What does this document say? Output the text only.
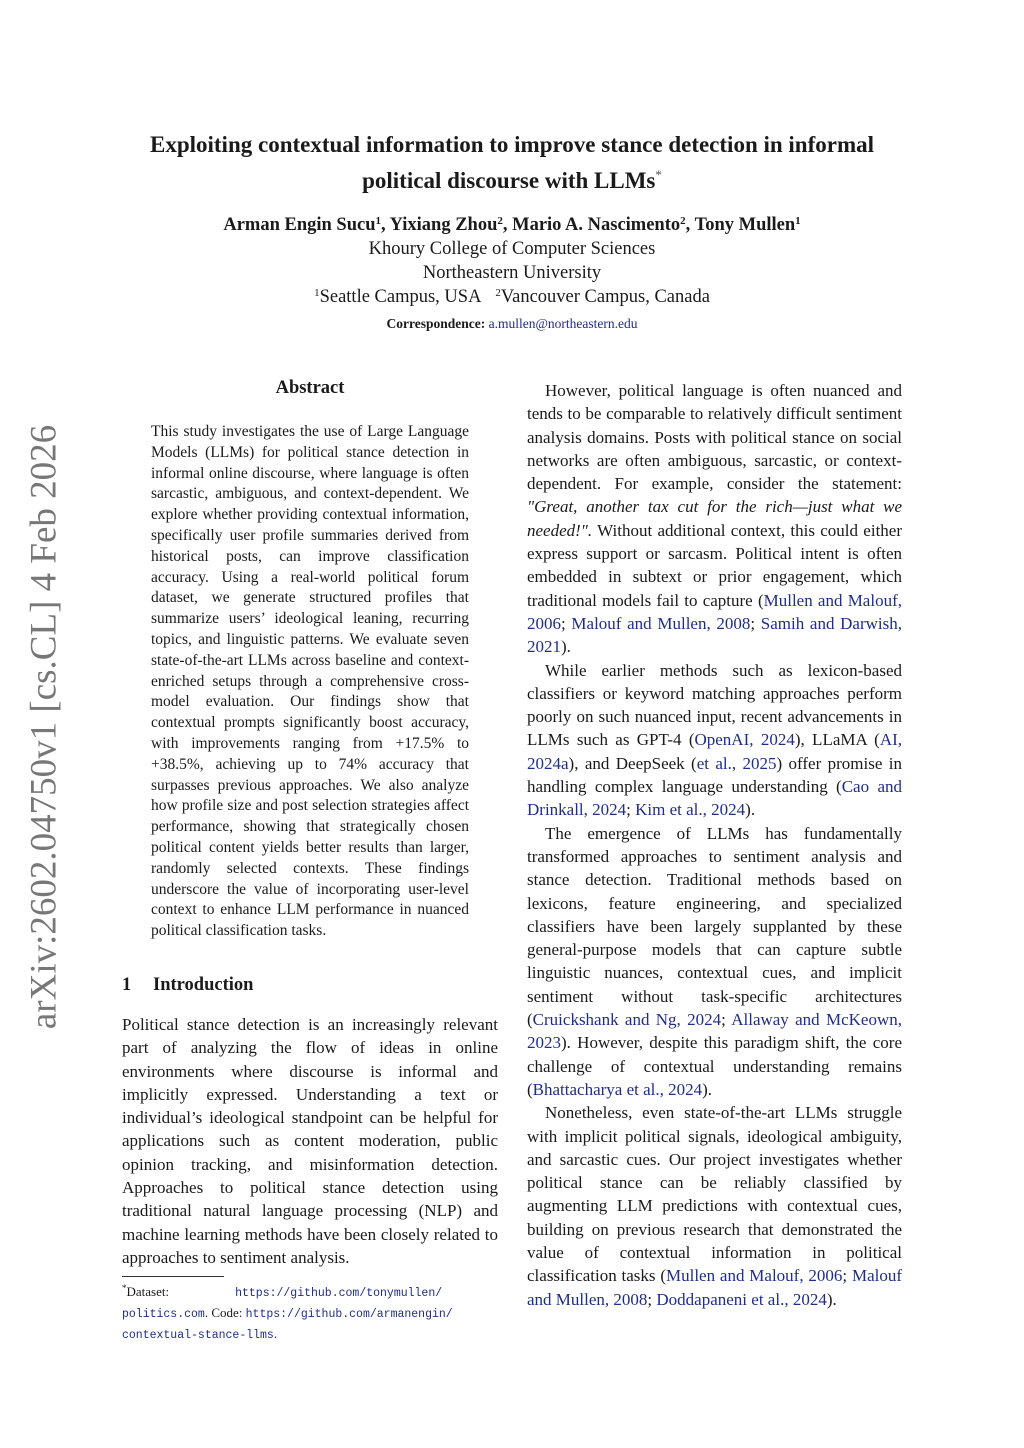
arXiv:2602.04750v1 [cs.CL] 4 Feb 2026
Exploiting contextual information to improve stance detection in informal
political discourse with LLMs*
Arman Engin Sucu$^1$, Yixiang Zhou$^2$, Mario A. Nascimento$^2$, Tony Mullen$^1$
Khoury College of Computer Sciences
Northeastern University
$^1$Seattle Campus, USA $^2$Vancouver Campus, Canada
Correspondence: a.mullen@northeastern.edu
Abstract

This study investigates the use of Large Language Models (LLMs) for political stance detection in informal online discourse, where language is often sarcastic, ambiguous, and context-dependent. We explore whether providing contextual information, specifically user profile summaries derived from historical posts, can improve classification accuracy. Using a real-world political forum dataset, we generate structured profiles that summarize users’ ideological leaning, recurring topics, and linguistic patterns. We evaluate seven state-of-the-art LLMs across baseline and context-enriched setups through a comprehensive cross-model evaluation. Our findings show that contextual prompts significantly boost accuracy, with improvements ranging from +17.5% to +38.5%, achieving up to 74% accuracy that surpasses previous approaches. We also analyze how profile size and post selection strategies affect performance, showing that strategically chosen political content yields better results than larger, randomly selected contexts. These findings underscore the value of incorporating user-level context to enhance LLM performance in nuanced political classification tasks.

1 Introduction

Political stance detection is an increasingly relevant part of analyzing the flow of ideas in online environments where discourse is informal and implicitly expressed. Understanding a text or individual’s ideological standpoint can be helpful for applications such as content moderation, public opinion tracking, and misinformation detection. Approaches to political stance detection using traditional natural language processing (NLP) and machine learning methods have been closely related to approaches to sentiment analysis.

*Dataset:	https://github.com/tonymullen/
politics.com. Code: https://github.com/armanengin/
contextual-stance-llms.

However, political language is often nuanced and tends to be comparable to relatively difficult sentiment analysis domains. Posts with political stance on social networks are often ambiguous, sarcastic, or context-dependent. For example, consider the statement: "Great, another tax cut for the rich—just what we needed!". Without additional context, this could either express support or sarcasm. Political intent is often embedded in subtext or prior engagement, which traditional models fail to capture (Mullen and Malouf, 2006; Malouf and Mullen, 2008; Samih and Darwish, 2021).

While earlier methods such as lexicon-based classifiers or keyword matching approaches perform poorly on such nuanced input, recent advancements in LLMs such as GPT-4 (OpenAI, 2024), LLaMA (AI, 2024a), and DeepSeek (et al., 2025) offer promise in handling complex language understanding (Cao and Drinkall, 2024; Kim et al., 2024).

The emergence of LLMs has fundamentally transformed approaches to sentiment analysis and stance detection. Traditional methods based on lexicons, feature engineering, and specialized classifiers have been largely supplanted by these general-purpose models that can capture subtle linguistic nuances, contextual cues, and implicit sentiment without task-specific architectures (Cruickshank and Ng, 2024; Allaway and McKeown, 2023). However, despite this paradigm shift, the core challenge of contextual understanding remains (Bhattacharya et al., 2024).

Nonetheless, even state-of-the-art LLMs struggle with implicit political signals, ideological ambiguity, and sarcastic cues. Our project investigates whether political stance can be reliably classified by augmenting LLM predictions with contextual cues, building on previous research that demonstrated the value of contextual information in political classification tasks (Mullen and Malouf, 2006; Malouf and Mullen, 2008; Doddapaneni et al., 2024).
